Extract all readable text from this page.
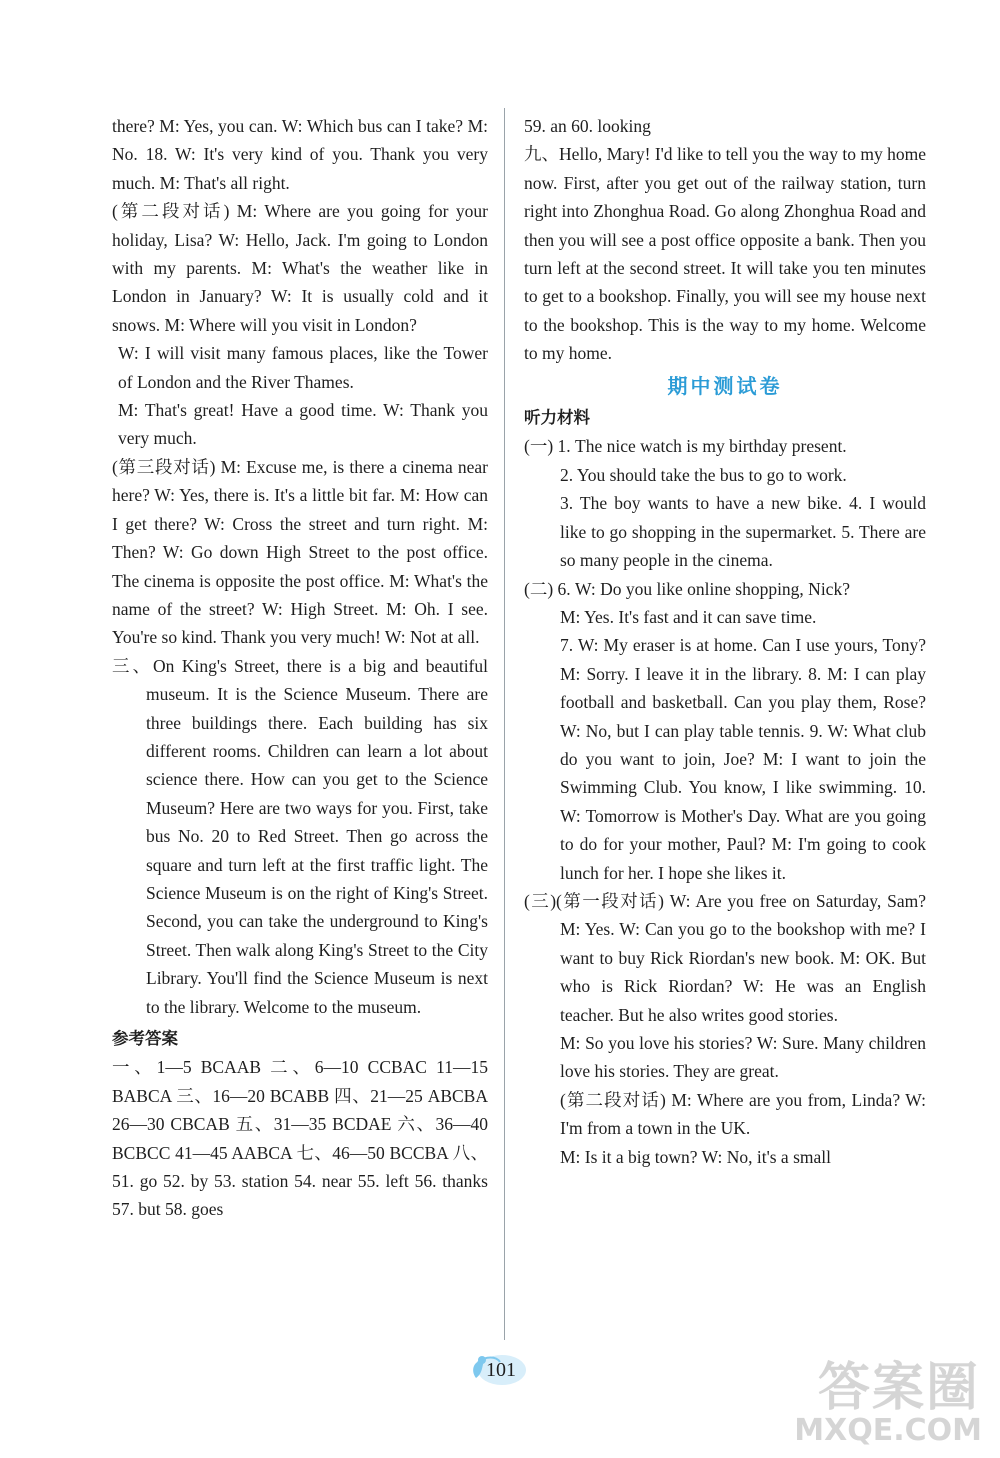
there? M: Yes, you can. W: Which bus can I take? M: No. 18. W: It's very kind of you. Thank you very much. M: That's all right.

(第二段对话) M: Where are you going for your holiday, Lisa? W: Hello, Jack. I'm going to London with my parents. M: What's the weather like in London in January? W: It is usually cold and it snows. M: Where will you visit in London?

W: I will visit many famous places, like the Tower of London and the River Thames.

M: That's great! Have a good time. W: Thank you very much.

(第三段对话) M: Excuse me, is there a cinema near here? W: Yes, there is. It's a little bit far. M: How can I get there? W: Cross the street and turn right. M: Then? W: Go down High Street to the post office. The cinema is opposite the post office. M: What's the name of the street? W: High Street. M: Oh. I see. You're so kind. Thank you very much! W: Not at all.

三、On King's Street, there is a big and beautiful museum. It is the Science Museum. There are three buildings there. Each building has six different rooms. Children can learn a lot about science there. How can you get to the Science Museum? Here are two ways for you. First, take bus No. 20 to Red Street. Then go across the square and turn left at the first traffic light. The Science Museum is on the right of King's Street. Second, you can take the underground to King's Street. Then walk along King's Street to the City Library. You'll find the Science Museum is next to the library. Welcome to the museum.

参考答案

一、1—5 BCAAB 二、6—10 CCBAC 11—15 BABCA 三、16—20 BCABB 四、21—25 ABCBA 26—30 CBCAB 五、31—35 BCDAE 六、36—40 BCBCC 41—45 AABCA 七、46—50 BCCBA 八、51. go 52. by 53. station 54. near 55. left 56. thanks 57. but 58. goes

59. an 60. looking

九、Hello, Mary! I'd like to tell you the way to my home now. First, after you get out of the railway station, turn right into Zhonghua Road. Go along Zhonghua Road and then you will see a post office opposite a bank. Then you turn left at the second street. It will take you ten minutes to get to a bookshop. Finally, you will see my house next to the bookshop. This is the way to my home. Welcome to my home.

期中测试卷

听力材料

(一) 1. The nice watch is my birthday present.

2. You should take the bus to go to work.

3. The boy wants to have a new bike. 4. I would like to go shopping in the supermarket. 5. There are so many people in the cinema.

(二) 6. W: Do you like online shopping, Nick?

M: Yes. It's fast and it can save time.

7. W: My eraser is at home. Can I use yours, Tony? M: Sorry. I leave it in the library. 8. M: I can play football and basketball. Can you play them, Rose? W: No, but I can play table tennis. 9. W: What club do you want to join, Joe? M: I want to join the Swimming Club. You know, I like swimming. 10. W: Tomorrow is Mother's Day. What are you going to do for your mother, Paul? M: I'm going to cook lunch for her. I hope she likes it.

(三)(第一段对话) W: Are you free on Saturday, Sam? M: Yes. W: Can you go to the bookshop with me? I want to buy Rick Riordan's new book. M: OK. But who is Rick Riordan? W: He was an English teacher. But he also writes good stories.

M: So you love his stories? W: Sure. Many children love his stories. They are great.

(第二段对话) M: Where are you from, Linda? W: I'm from a town in the UK.

M: Is it a big town? W: No, it's a small

101	答案圈
MXQE.COM
